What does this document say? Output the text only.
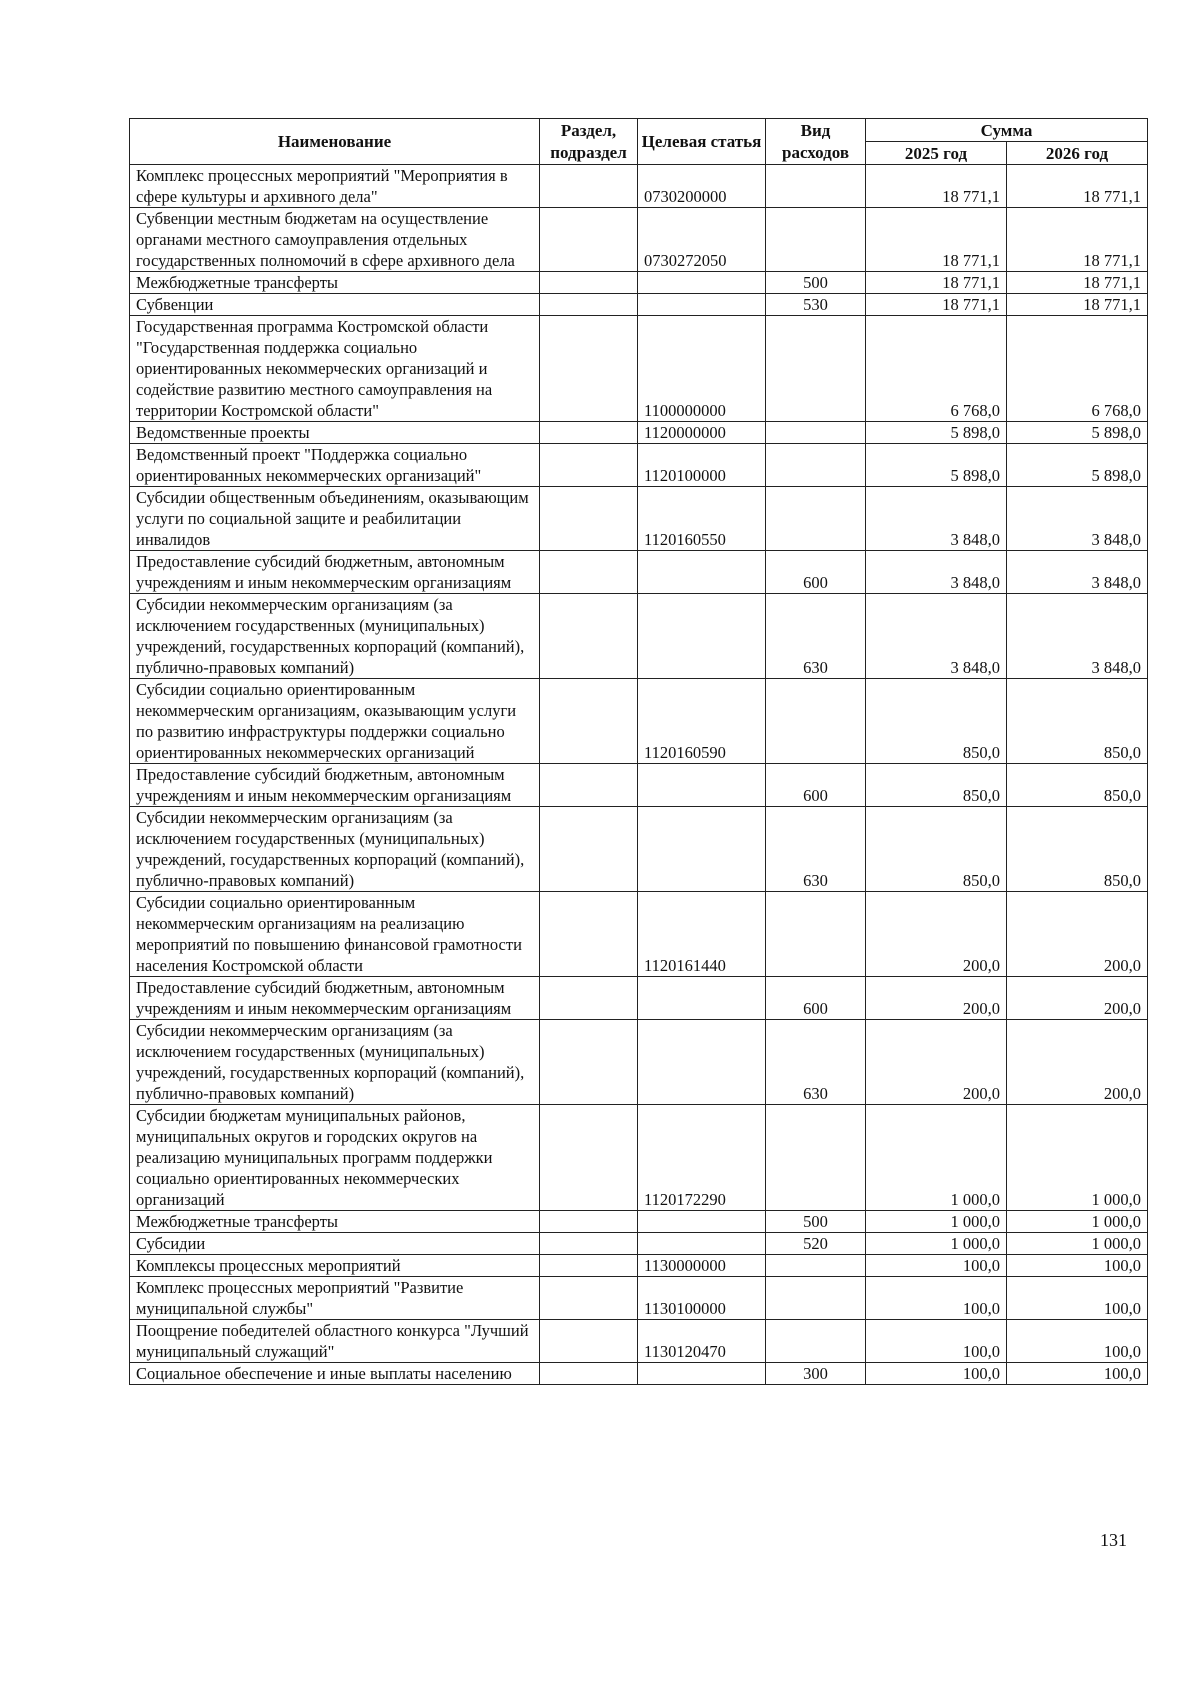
Наименование	Раздел, подраздел	Целевая статья	Вид расходов	Сумма	
				2025 год	2026 год
Комплекс процессных мероприятий "Мероприятия в сфере культуры и архивного дела"		0730200000		18 771,1	18 771,1
Субвенции местным бюджетам на осуществление органами местного самоуправления отдельных государственных полномочий в сфере архивного дела		0730272050		18 771,1	18 771,1
Межбюджетные трансферты			500	18 771,1	18 771,1
Субвенции			530	18 771,1	18 771,1
Государственная программа Костромской области "Государственная поддержка социально ориентированных некоммерческих организаций и содействие развитию местного самоуправления на территории Костромской области"		1100000000		6 768,0	6 768,0
Ведомственные проекты		1120000000		5 898,0	5 898,0
Ведомственный проект "Поддержка социально ориентированных некоммерческих организаций"		1120100000		5 898,0	5 898,0
Субсидии общественным объединениям, оказывающим услуги по социальной защите и реабилитации инвалидов		1120160550		3 848,0	3 848,0
Предоставление субсидий бюджетным, автономным учреждениям и иным некоммерческим организациям			600	3 848,0	3 848,0
Субсидии некоммерческим организациям (за исключением государственных (муниципальных) учреждений, государственных корпораций (компаний), публично-правовых компаний)			630	3 848,0	3 848,0
Субсидии социально ориентированным некоммерческим организациям, оказывающим услуги по развитию инфраструктуры поддержки социально ориентированных некоммерческих организаций		1120160590		850,0	850,0
Предоставление субсидий бюджетным, автономным учреждениям и иным некоммерческим организациям			600	850,0	850,0
Субсидии некоммерческим организациям (за исключением государственных (муниципальных) учреждений, государственных корпораций (компаний), публично-правовых компаний)			630	850,0	850,0
Субсидии социально ориентированным некоммерческим организациям на реализацию мероприятий по повышению финансовой грамотности населения Костромской области		1120161440		200,0	200,0
Предоставление субсидий бюджетным, автономным учреждениям и иным некоммерческим организациям			600	200,0	200,0
Субсидии некоммерческим организациям (за исключением государственных (муниципальных) учреждений, государственных корпораций (компаний), публично-правовых компаний)			630	200,0	200,0
Субсидии бюджетам муниципальных районов, муниципальных округов и городских округов на реализацию муниципальных программ поддержки социально ориентированных некоммерческих организаций		1120172290		1 000,0	1 000,0
Межбюджетные трансферты			500	1 000,0	1 000,0
Субсидии			520	1 000,0	1 000,0
Комплексы процессных мероприятий		1130000000		100,0	100,0
Комплекс процессных мероприятий "Развитие муниципальной службы"		1130100000		100,0	100,0
Поощрение победителей областного конкурса "Лучший муниципальный служащий"		1130120470		100,0	100,0
Социальное обеспечение и иные выплаты населению			300	100,0	100,0
131
